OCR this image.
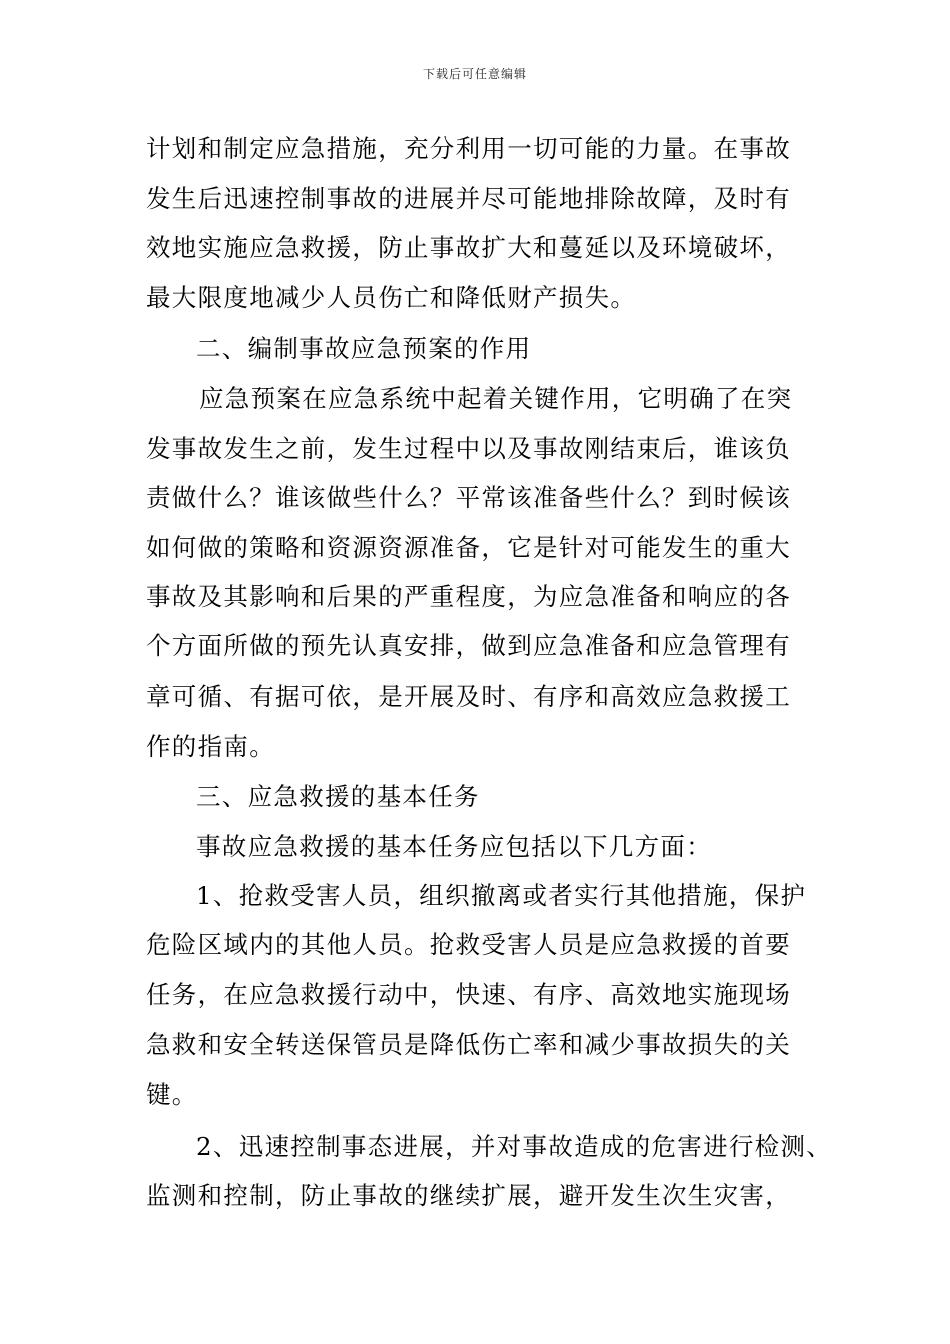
下载后可任意编辑
计划和制定应急措施，充分利用一切可能的力量。在事故
发生后迅速控制事故的进展并尽可能地排除故障，及时有
效地实施应急救援，防止事故扩大和蔓延以及环境破坏，
最大限度地减少人员伤亡和降低财产损失。
二、编制事故应急预案的作用
应急预案在应急系统中起着关键作用，它明确了在突
发事故发生之前，发生过程中以及事故刚结束后，谁该负
责做什么？谁该做些什么？平常该准备些什么？到时候该
如何做的策略和资源资源准备，它是针对可能发生的重大
事故及其影响和后果的严重程度，为应急准备和响应的各
个方面所做的预先认真安排，做到应急准备和应急管理有
章可循、有据可依，是开展及时、有序和高效应急救援工
作的指南。
三、应急救援的基本任务
事故应急救援的基本任务应包括以下几方面：
1、抢救受害人员，组织撤离或者实行其他措施，保护
危险区域内的其他人员。抢救受害人员是应急救援的首要
任务，在应急救援行动中，快速、有序、高效地实施现场
急救和安全转送保管员是降低伤亡率和减少事故损失的关
键。
2、迅速控制事态进展，并对事故造成的危害进行检测、
监测和控制，防止事故的继续扩展，避开发生次生灾害，
